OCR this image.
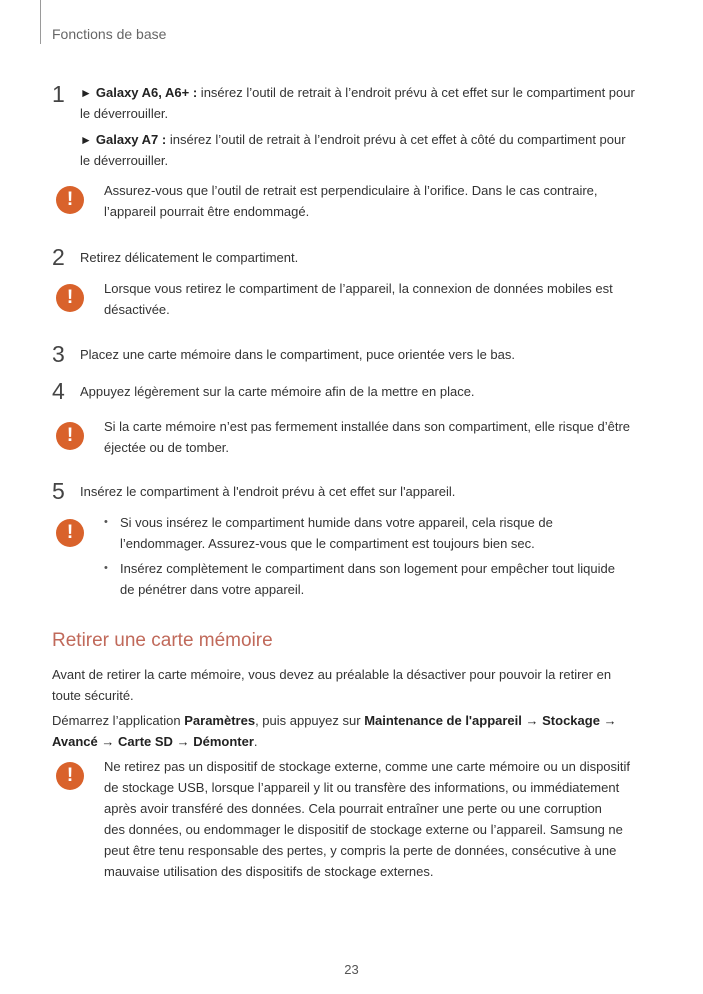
Fonctions de base
1 ► Galaxy A6, A6+ : insérez l’outil de retrait à l’endroit prévu à cet effet sur le compartiment pour
le déverrouiller.
► Galaxy A7 : insérez l’outil de retrait à l’endroit prévu à cet effet à côté du compartiment pour
le déverrouiller.
!	Assurez-vous que l’outil de retrait est perpendiculaire à l’orifice. Dans le cas contraire,
l’appareil pourrait être endommagé.
2 Retirez délicatement le compartiment.
!	Lorsque vous retirez le compartiment de l’appareil, la connexion de données mobiles est
désactivée.
3 Placez une carte mémoire dans le compartiment, puce orientée vers le bas.
4 Appuyez légèrement sur la carte mémoire afin de la mettre en place.
!	Si la carte mémoire n’est pas fermement installée dans son compartiment, elle risque d’être
éjectée ou de tomber.
5 Insérez le compartiment à l'endroit prévu à cet effet sur l'appareil.
!	• Si vous insérez le compartiment humide dans votre appareil, cela risque de
l’endommager. Assurez-vous que le compartiment est toujours bien sec.
• Insérez complètement le compartiment dans son logement pour empêcher tout liquide
de pénétrer dans votre appareil.
Retirer une carte mémoire
Avant de retirer la carte mémoire, vous devez au préalable la désactiver pour pouvoir la retirer en
toute sécurité.
Démarrez l’application Paramètres, puis appuyez sur Maintenance de l'appareil → Stockage →
Avancé → Carte SD → Démonter.
!	Ne retirez pas un dispositif de stockage externe, comme une carte mémoire ou un dispositif
de stockage USB, lorsque l’appareil y lit ou transfère des informations, ou immédiatement
après avoir transféré des données. Cela pourrait entraîner une perte ou une corruption
des données, ou endommager le dispositif de stockage externe ou l’appareil. Samsung ne
peut être tenu responsable des pertes, y compris la perte de données, consécutive à une
mauvaise utilisation des dispositifs de stockage externes.
23
